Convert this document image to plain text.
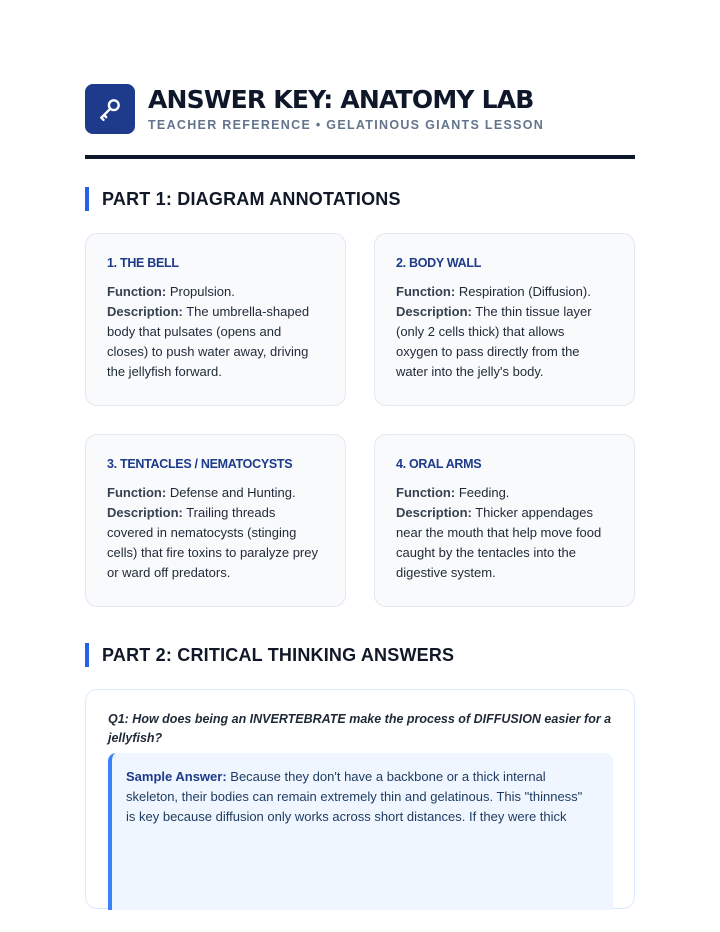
ANSWER KEY: ANATOMY LAB
TEACHER REFERENCE • GELATINOUS GIANTS LESSON
PART 1: DIAGRAM ANNOTATIONS
1. THE BELL
Function: Propulsion.
Description: The umbrella-shaped
body that pulsates (opens and
closes) to push water away, driving
the jellyfish forward.
2. BODY WALL
Function: Respiration (Diffusion).
Description: The thin tissue layer
(only 2 cells thick) that allows
oxygen to pass directly from the
water into the jelly's body.
3. TENTACLES / NEMATOCYSTS
Function: Defense and Hunting.
Description: Trailing threads
covered in nematocysts (stinging
cells) that fire toxins to paralyze prey
or ward off predators.
4. ORAL ARMS
Function: Feeding.
Description: Thicker appendages
near the mouth that help move food
caught by the tentacles into the
digestive system.
PART 2: CRITICAL THINKING ANSWERS
Q1: How does being an INVERTEBRATE make the process of DIFFUSION easier for a
jellyfish?
Sample Answer: Because they don't have a backbone or a thick internal
skeleton, their bodies can remain extremely thin and gelatinous. This "thinness"
is key because diffusion only works across short distances. If they were thick
